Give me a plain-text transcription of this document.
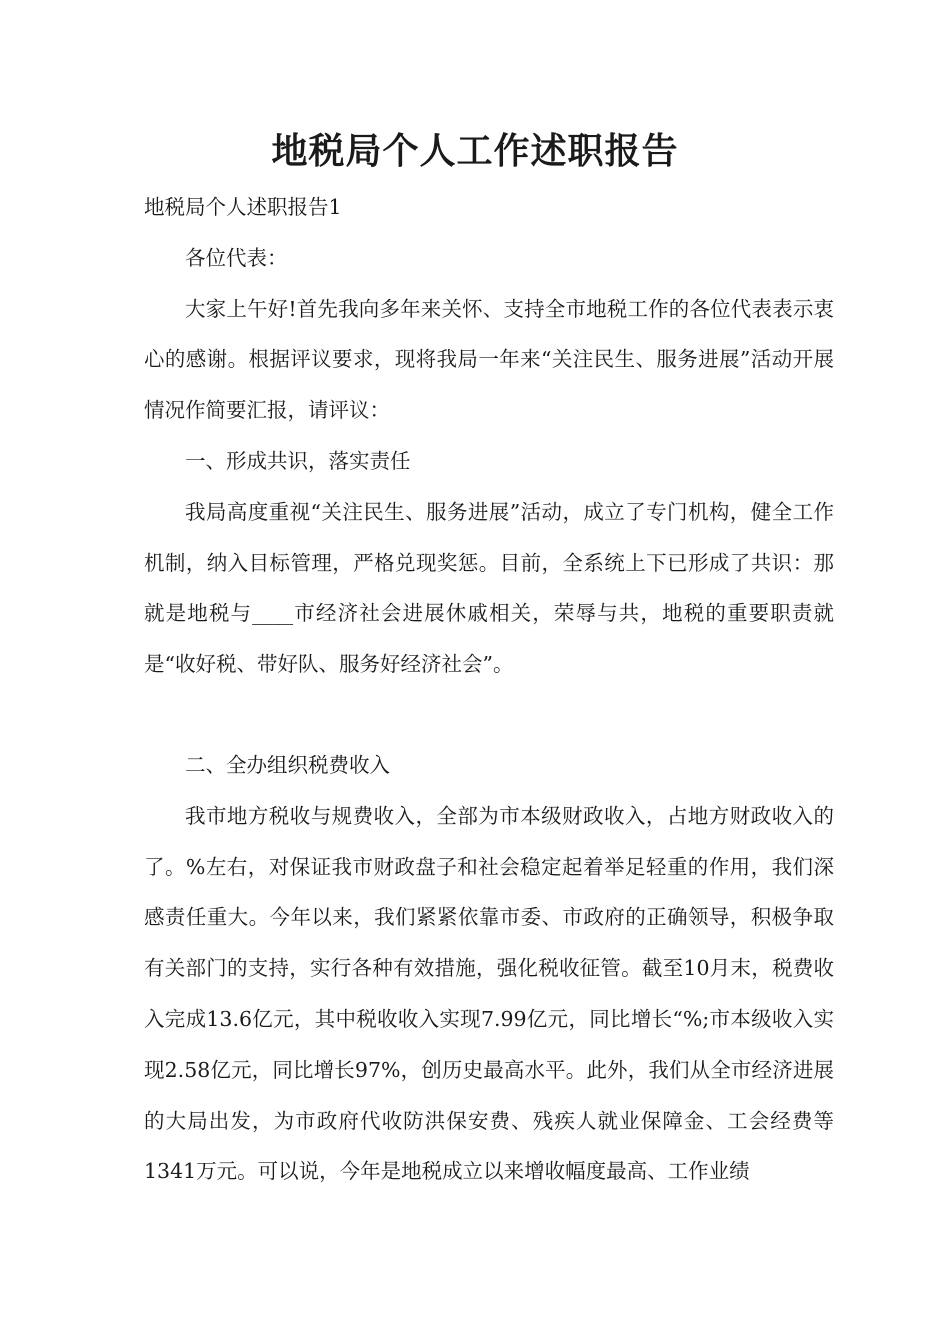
地税局个人工作述职报告

地税局个人述职报告1

各位代表：

大家上午好!首先我向多年来关怀、支持全市地税工作的各位代表表示衷心的感谢。根据评议要求，现将我局一年来“关注民生、服务进展”活动开展情况作简要汇报，请评议：

一、形成共识，落实责任

我局高度重视“关注民生、服务进展”活动，成立了专门机构，健全工作机制，纳入目标管理，严格兑现奖惩。目前，全系统上下已形成了共识：那就是地税与____市经济社会进展休戚相关，荣辱与共，地税的重要职责就是“收好税、带好队、服务好经济社会”。

二、全办组织税费收入

我市地方税收与规费收入，全部为市本级财政收入，占地方财政收入的了。%左右，对保证我市财政盘子和社会稳定起着举足轻重的作用，我们深感责任重大。今年以来，我们紧紧依靠市委、市政府的正确领导，积极争取有关部门的支持，实行各种有效措施，强化税收征管。截至10月末，税费收入完成13.6亿元，其中税收收入实现7.99亿元，同比增长“%;市本级收入实现2.58亿元，同比增长97%，创历史最高水平。此外，我们从全市经济进展的大局出发，为市政府代收防洪保安费、残疾人就业保障金、工会经费等1341万元。可以说，今年是地税成立以来增收幅度最高、工作业绩
